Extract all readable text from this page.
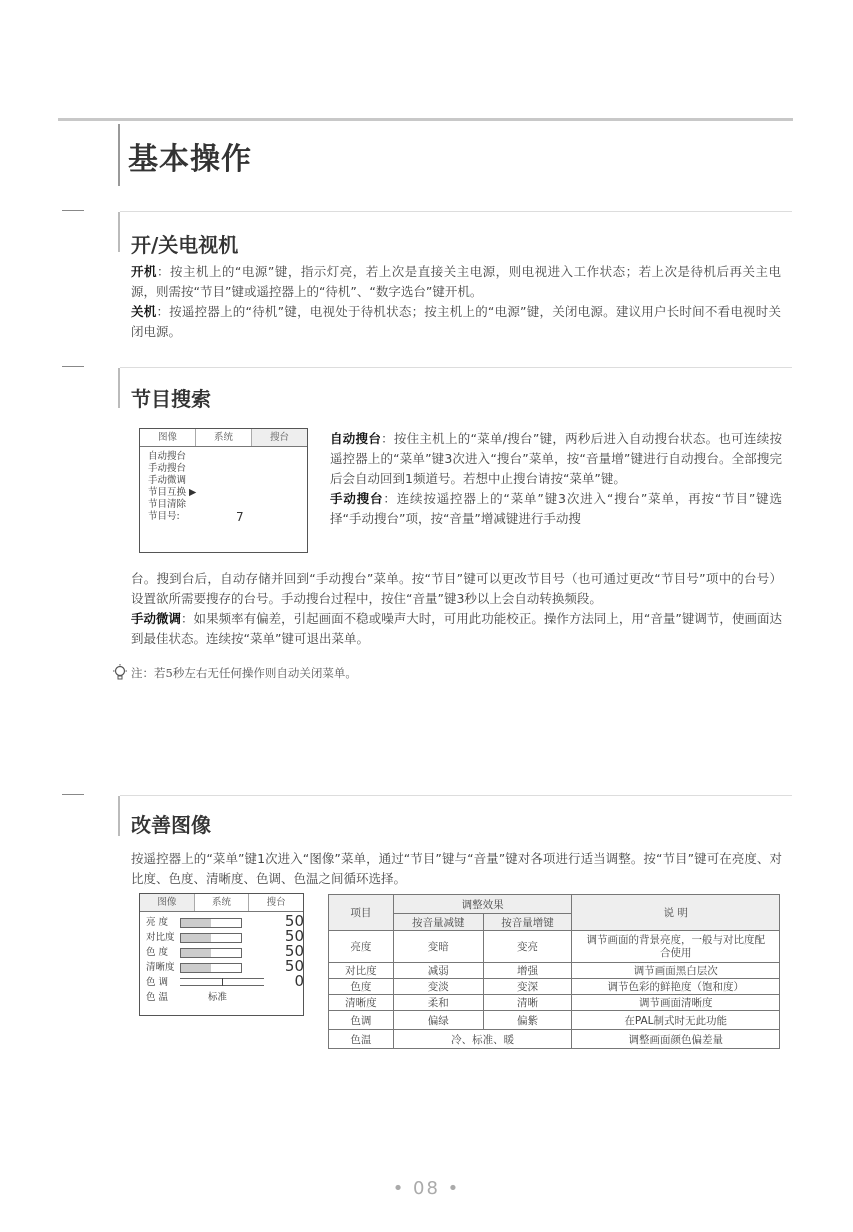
基本操作
开/关电视机
开机：按主机上的“电源”键，指示灯亮，若上次是直接关主电源，则电视进入工作状态；若上次是待机后再关主电源，则需按“节目”键或遥控器上的“待机”、“数字选台”键开机。
关机：按遥控器上的“待机”键，电视处于待机状态；按主机上的“电源”键，关闭电源。建议用户长时间不看电视时关闭电源。
节目搜索
图像	系统	搜台
自动搜台
手动搜台
手动微调
节目互换 ▶
节目清除
节目号:	7
自动搜台：按住主机上的“菜单/搜台”键，两秒后进入自动搜台状态。也可连续按遥控器上的“菜单”键3次进入“搜台”菜单，按“音量增”键进行自动搜台。全部搜完后会自动回到1频道号。若想中止搜台请按“菜单”键。
手动搜台：连续按遥控器上的“菜单”键3次进入“搜台”菜单，再按“节目”键选择“手动搜台”项，按“音量”增减键进行手动搜
台。搜到台后，自动存储并回到“手动搜台”菜单。按“节目”键可以更改节目号（也可通过更改“节目号”项中的台号）设置欲所需要搜存的台号。手动搜台过程中，按住“音量”键3秒以上会自动转换频段。
手动微调：如果频率有偏差，引起画面不稳或噪声大时，可用此功能校正。操作方法同上，用“音量”键调节，使画面达到最佳状态。连续按“菜单”键可退出菜单。
注：若5秒左右无任何操作则自动关闭菜单。
改善图像
按遥控器上的“菜单”键1次进入“图像”菜单，通过“节目”键与“音量”键对各项进行适当调整。按“节目”键可在亮度、对比度、色度、清晰度、色调、色温之间循环选择。
图像	系统	搜台
亮 度	50
对比度	50
色 度	50
清晰度	50
色 调	0
色 温	标准
项目	调整效果		说 明
	按音量减键	按音量增键	
亮度	变暗	变亮	调节画面的背景亮度，一般与对比度配合使用
对比度	减弱	增强	调节画面黑白层次
色度	变淡	变深	调节色彩的鲜艳度（饱和度）
清晰度	柔和	清晰	调节画面清晰度
色调	偏绿	偏紫	在PAL制式时无此功能
色温	冷、标准、暖		调整画面颜色偏差量
• 08 •
